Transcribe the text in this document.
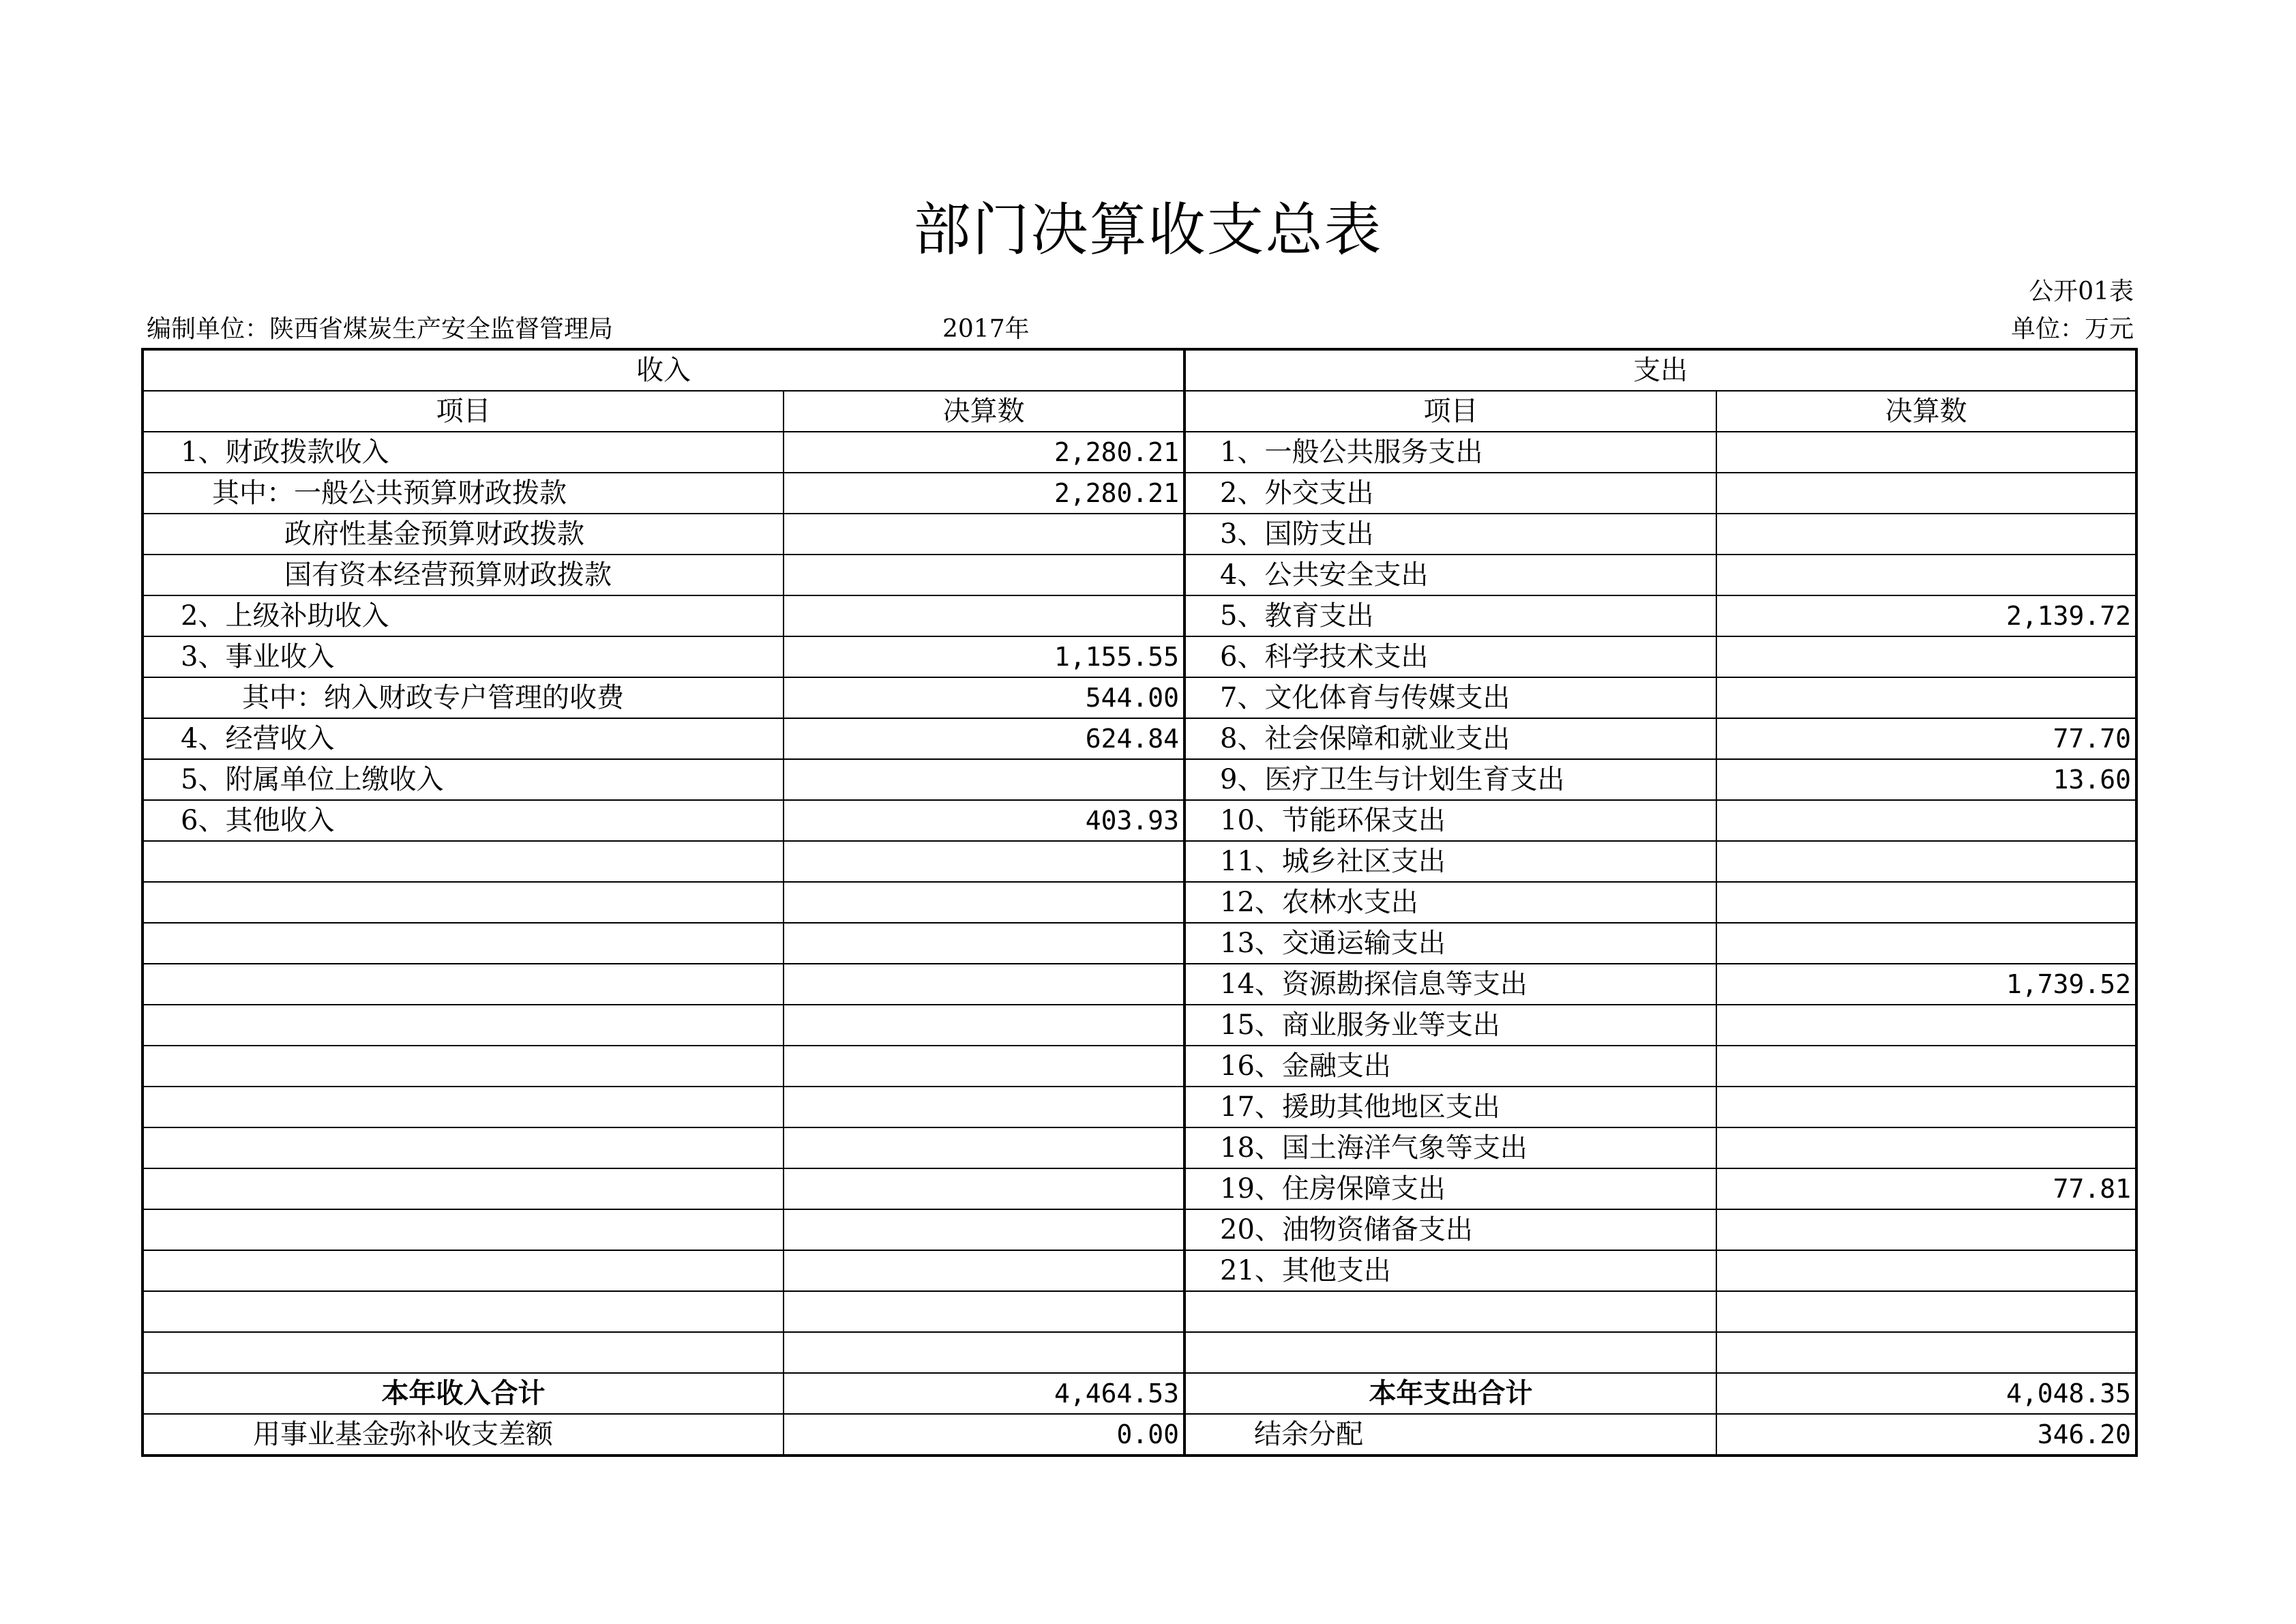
部门决算收支总表
公开01表
编制单位：陕西省煤炭生产安全监督管理局	2017年	单位：万元
收入		支出	
项目	决算数	项目	决算数
1、财政拨款收入	2,280.21	1、一般公共服务支出	
其中：一般公共预算财政拨款	2,280.21	2、外交支出	
政府性基金预算财政拨款		3、国防支出	
国有资本经营预算财政拨款		4、公共安全支出	
2、上级补助收入		5、教育支出	2,139.72
3、事业收入	1,155.55	6、科学技术支出	
其中：纳入财政专户管理的收费	544.00	7、文化体育与传媒支出	
4、经营收入	624.84	8、社会保障和就业支出	77.70
5、附属单位上缴收入		9、医疗卫生与计划生育支出	13.60
6、其他收入	403.93	10、节能环保支出	
		11、城乡社区支出	
		12、农林水支出	
		13、交通运输支出	
		14、资源勘探信息等支出	1,739.52
		15、商业服务业等支出	
		16、金融支出	
		17、援助其他地区支出	
		18、国土海洋气象等支出	
		19、住房保障支出	77.81
		20、油物资储备支出	
		21、其他支出	

本年收入合计	4,464.53	本年支出合计	4,048.35
用事业基金弥补收支差额	0.00	结余分配	346.20
